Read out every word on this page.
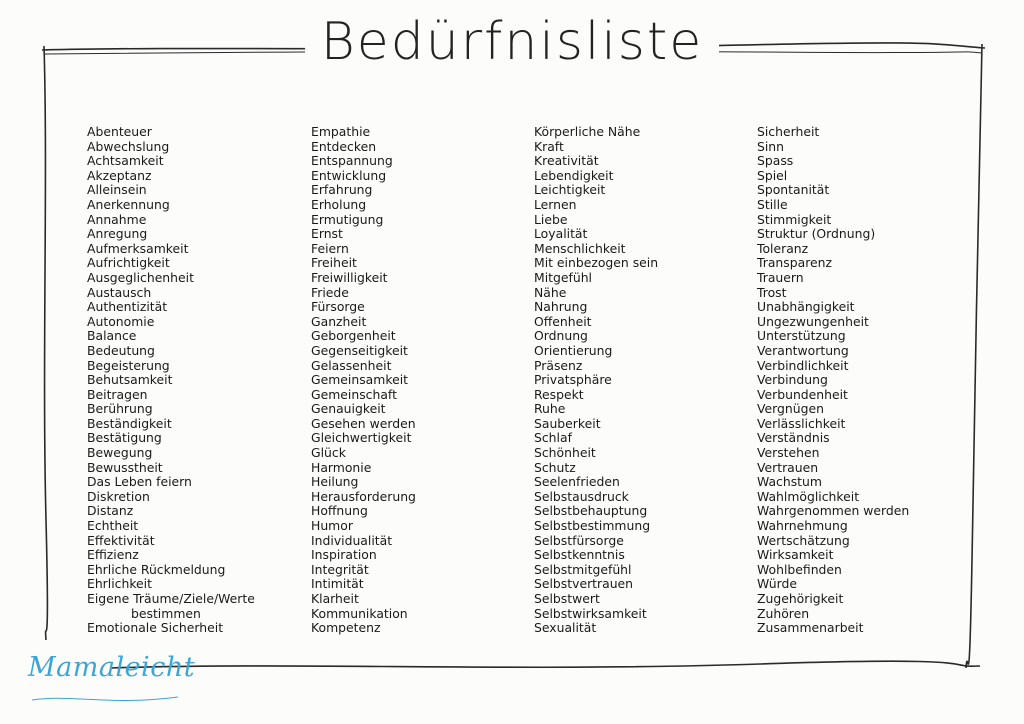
Bedürfnisliste
Abenteuer
Abwechslung
Achtsamkeit
Akzeptanz
Alleinsein
Anerkennung
Annahme
Anregung
Aufmerksamkeit
Aufrichtigkeit
Ausgeglichenheit
Austausch
Authentizität
Autonomie
Balance
Bedeutung
Begeisterung
Behutsamkeit
Beitragen
Berührung
Beständigkeit
Bestätigung
Bewegung
Bewusstheit
Das Leben feiern
Diskretion
Distanz
Echtheit
Effektivität
Effizienz
Ehrliche Rückmeldung
Ehrlichkeit
Eigene Träume/Ziele/Werte
bestimmen
Emotionale Sicherheit
Empathie
Entdecken
Entspannung
Entwicklung
Erfahrung
Erholung
Ermutigung
Ernst
Feiern
Freiheit
Freiwilligkeit
Friede
Fürsorge
Ganzheit
Geborgenheit
Gegenseitigkeit
Gelassenheit
Gemeinsamkeit
Gemeinschaft
Genauigkeit
Gesehen werden
Gleichwertigkeit
Glück
Harmonie
Heilung
Herausforderung
Hoffnung
Humor
Individualität
Inspiration
Integrität
Intimität
Klarheit
Kommunikation
Kompetenz
Körperliche Nähe
Kraft
Kreativität
Lebendigkeit
Leichtigkeit
Lernen
Liebe
Loyalität
Menschlichkeit
Mit einbezogen sein
Mitgefühl
Nähe
Nahrung
Offenheit
Ordnung
Orientierung
Präsenz
Privatsphäre
Respekt
Ruhe
Sauberkeit
Schlaf
Schönheit
Schutz
Seelenfrieden
Selbstausdruck
Selbstbehauptung
Selbstbestimmung
Selbstfürsorge
Selbstkenntnis
Selbstmitgefühl
Selbstvertrauen
Selbstwert
Selbstwirksamkeit
Sexualität
Sicherheit
Sinn
Spass
Spiel
Spontanität
Stille
Stimmigkeit
Struktur (Ordnung)
Toleranz
Transparenz
Trauern
Trost
Unabhängigkeit
Ungezwungenheit
Unterstützung
Verantwortung
Verbindlichkeit
Verbindung
Verbundenheit
Vergnügen
Verlässlichkeit
Verständnis
Verstehen
Vertrauen
Wachstum
Wahlmöglichkeit
Wahrgenommen werden
Wahrnehmung
Wertschätzung
Wirksamkeit
Wohlbefinden
Würde
Zugehörigkeit
Zuhören
Zusammenarbeit
Mamaleicht
